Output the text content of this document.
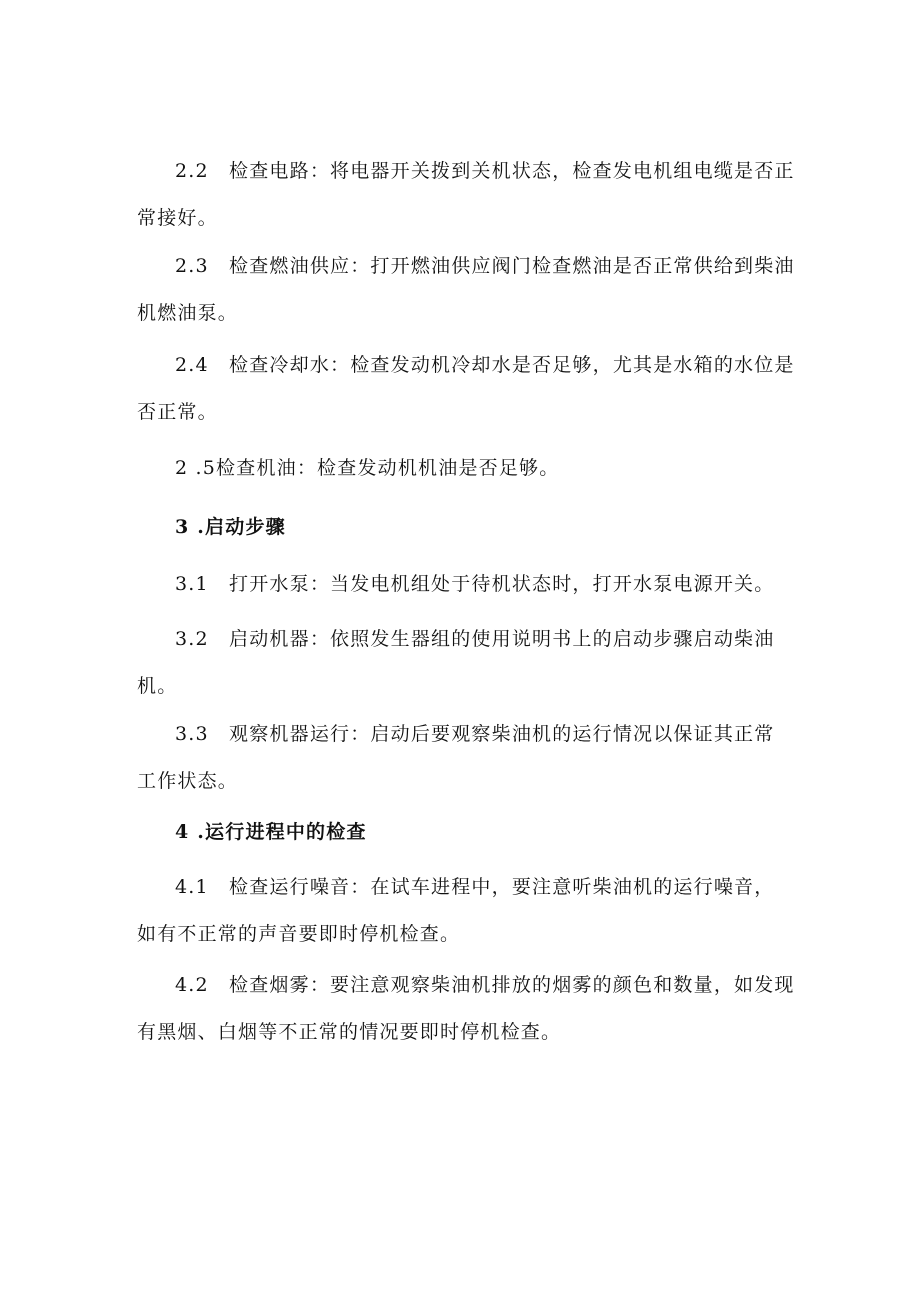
2.2　检查电路：将电器开关拨到关机状态，检查发电机组电缆是否正
常接好。

2.3　检查燃油供应：打开燃油供应阀门检查燃油是否正常供给到柴油
机燃油泵。

2.4　检查冷却水：检查发动机冷却水是否足够，尤其是水箱的水位是
否正常。

2 .5检查机油：检查发动机机油是否足够。

3 .启动步骤

3.1　打开水泵：当发电机组处于待机状态时，打开水泵电源开关。

3.2　启动机器：依照发生器组的使用说明书上的启动步骤启动柴油
机。

3.3　观察机器运行：启动后要观察柴油机的运行情况以保证其正常
工作状态。

4 .运行进程中的检查

4.1　检查运行噪音：在试车进程中，要注意听柴油机的运行噪音，
如有不正常的声音要即时停机检查。

4.2　检查烟雾：要注意观察柴油机排放的烟雾的颜色和数量，如发现
有黑烟、白烟等不正常的情况要即时停机检查。
